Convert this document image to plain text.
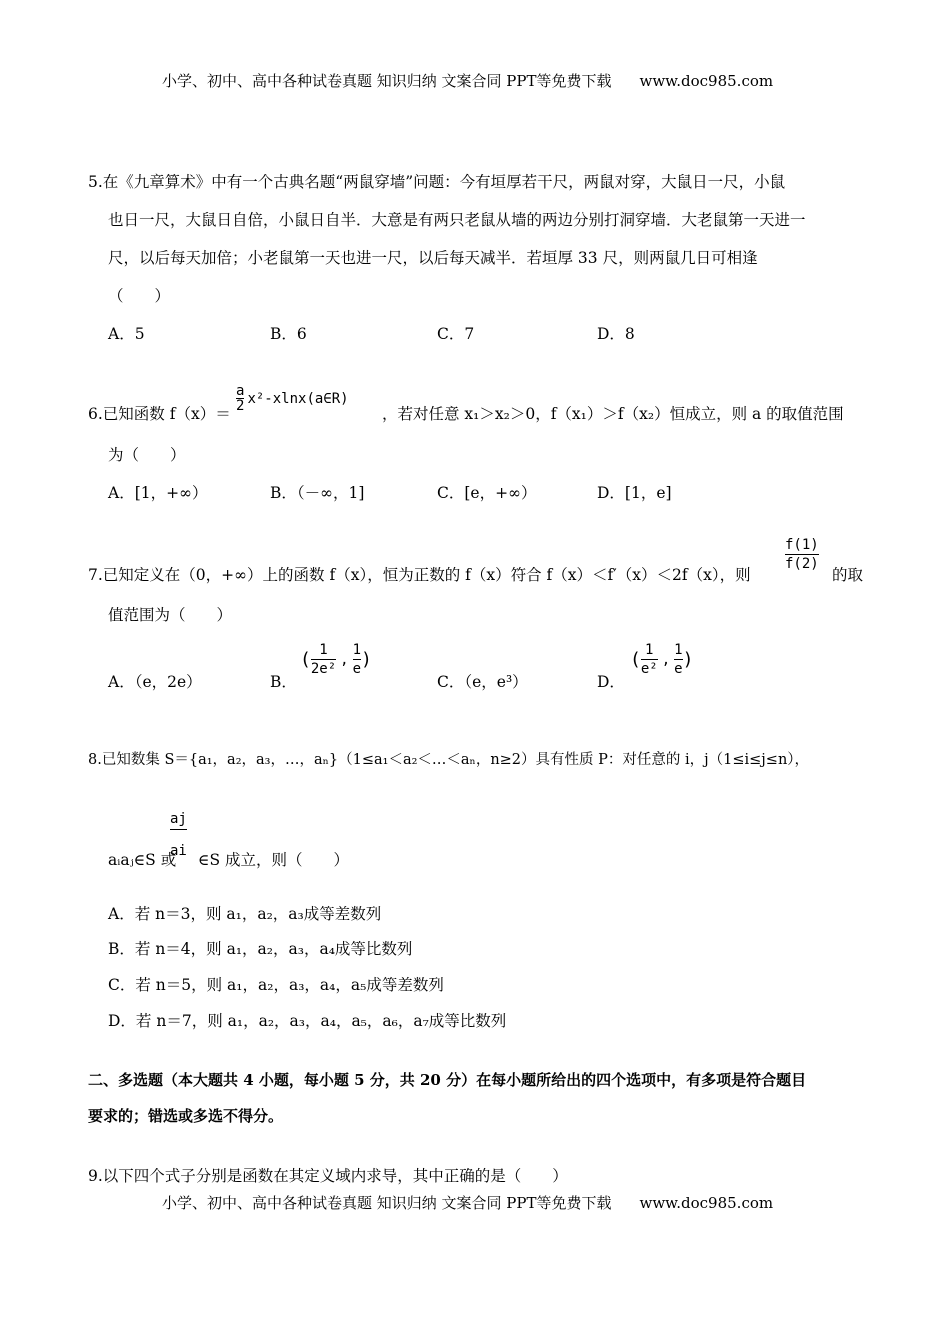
小学、初中、高中各种试卷真题 知识归纳 文案合同 PPT等免费下载 www.doc985.com
5.在《九章算术》中有一个古典名题“两鼠穿墙”问题：今有垣厚若干尺，两鼠对穿，大鼠日一尺，小鼠
也日一尺，大鼠日自倍，小鼠日自半．大意是有两只老鼠从墙的两边分别打洞穿墙．大老鼠第一天进一
尺，以后每天加倍；小老鼠第一天也进一尺，以后每天减半．若垣厚 33 尺，则两鼠几日可相逢
（　　）
A．5	B．6	C．7	D．8
6.已知函数 f（x）＝
$\frac{a}{2}$ x²-xlnx(a∈R)
，若对任意 x₁＞x₂＞0，f（x₁）＞f（x₂）恒成立，则 a 的取值范围
为（　　）
A．[1，+∞）	B．（－∞，1]	C．[e，+∞）	D．[1，e]
7.已知定义在（0，+∞）上的函数 f（x），恒为正数的 f（x）符合 f（x）＜f′（x）＜2f（x），则
$\frac{f(1)}{f(2)}$
的取
值范围为（　　）
A．（e，2e）	B．
( $\frac{1}{\text{2e²}}$ , $\frac{1}{e}$ )
C．（e，e³）	D．
( $\frac{1}{\text{e²}}$ , $\frac{1}{e}$ )
8.已知数集 S＝{a₁，a₂，a₃，…，aₙ}（1≤a₁＜a₂＜…＜aₙ，n≥2）具有性质 P：对任意的 i，j（1≤i≤j≤n），
$\frac{aj}{ai}$
aᵢaⱼ∈S 或 ∈S 成立，则（　　）
A．若 n＝3，则 a₁，a₂，a₃成等差数列
B．若 n＝4，则 a₁，a₂，a₃，a₄成等比数列
C．若 n＝5，则 a₁，a₂，a₃，a₄，a₅成等差数列
D．若 n＝7，则 a₁，a₂，a₃，a₄，a₅，a₆，a₇成等比数列
二、多选题（本大题共 4 小题，每小题 5 分，共 20 分）在每小题所给出的四个选项中，有多项是符合题目
要求的；错选或多选不得分。
9.以下四个式子分别是函数在其定义域内求导，其中正确的是（　　）
小学、初中、高中各种试卷真题 知识归纳 文案合同 PPT等免费下载 www.doc985.com
